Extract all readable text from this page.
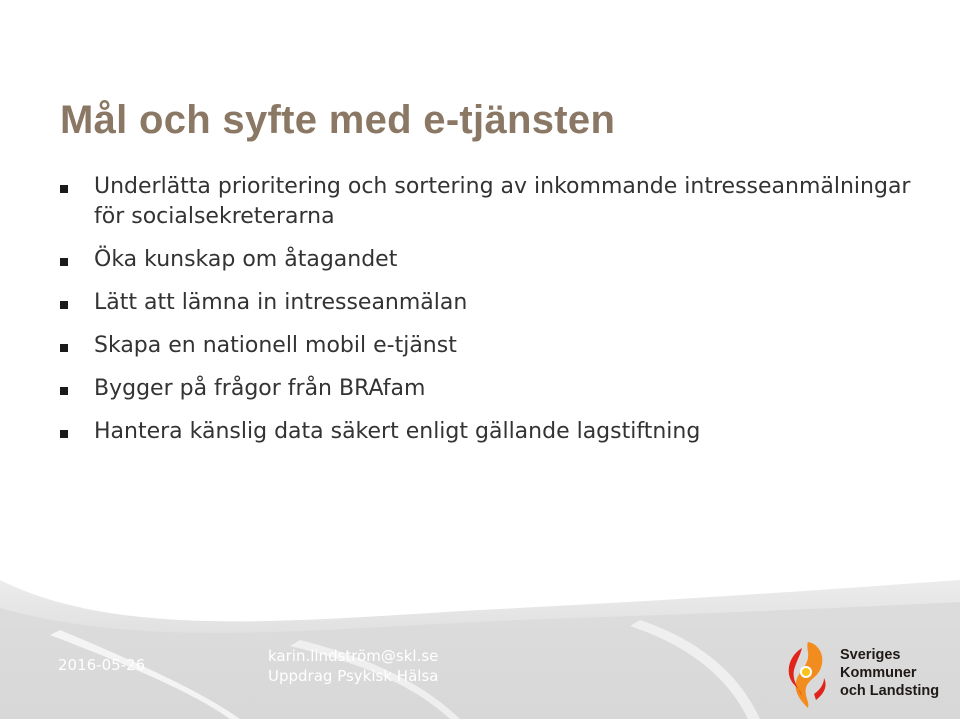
Mål och syfte med e-tjänsten
Underlätta prioritering och sortering av inkommande intresseanmälningar för socialsekreterarna
Öka kunskap om åtagandet
Lätt att lämna in intresseanmälan
Skapa en nationell mobil e-tjänst
Bygger på frågor från BRAfam
Hantera känslig data säkert enligt gällande lagstiftning
2016-05-26	karin.lindström@skl.se
Uppdrag Psykisk Hälsa
Sveriges
Kommuner
och Landsting
